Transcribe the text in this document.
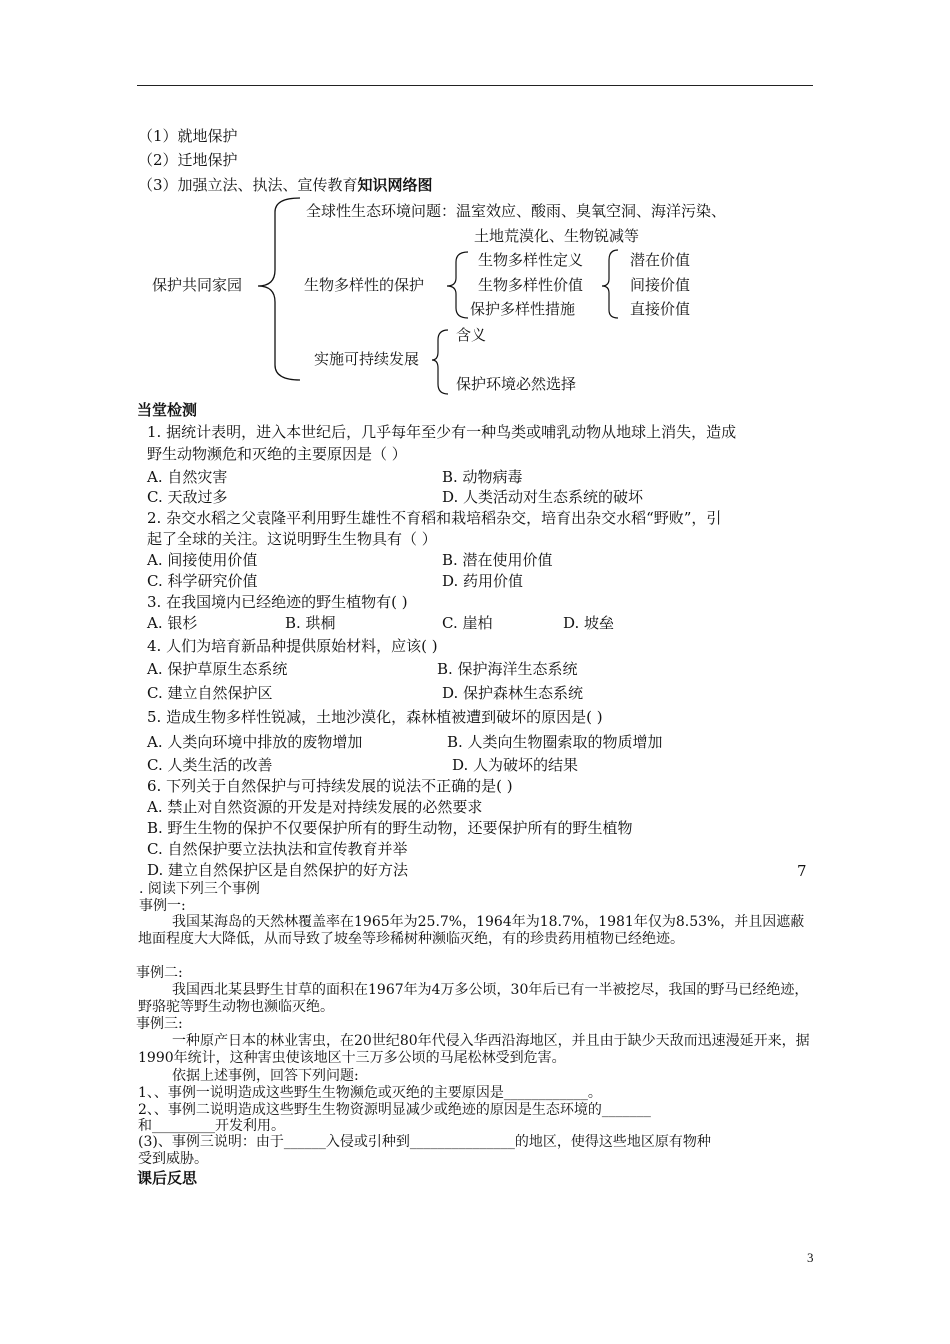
（1）就地保护
（2）迁地保护
（3）加强立法、执法、宣传教育知识网络图
全球性生态环境问题：温室效应、酸雨、臭氧空洞、海洋污染、
土地荒漠化、生物锐减等
保护共同家园	生物多样性的保护
生物多样性定义
生物多样性价值
保护多样性措施
潜在价值
间接价值
直接价值
实施可持续发展
含义
保护环境必然选择
当堂检测
1. 据统计表明，进入本世纪后，几乎每年至少有一种鸟类或哺乳动物从地球上消失，造成
野生动物濒危和灭绝的主要原因是（ ）
A. 自然灾害	B. 动物病毒
C. 天敌过多	D. 人类活动对生态系统的破坏
2. 杂交水稻之父袁隆平利用野生雄性不育稻和栽培稻杂交，培育出杂交水稻“野败”，引
起了全球的关注。这说明野生生物具有（ ）
A. 间接使用价值	B. 潜在使用价值
C. 科学研究价值	D. 药用价值
3. 在我国境内已经绝迹的野生植物有( )
A. 银杉	B. 珙桐	C. 崖柏	D. 坡垒
4. 人们为培育新品种提供原始材料，应该( )
A. 保护草原生态系统	B. 保护海洋生态系统
C. 建立自然保护区	D. 保护森林生态系统
5. 造成生物多样性锐减，土地沙漠化，森林植被遭到破坏的原因是( )
A. 人类向环境中排放的废物增加	B. 人类向生物圈索取的物质增加
C. 人类生活的改善	D. 人为破坏的结果
6. 下列关于自然保护与可持续发展的说法不正确的是( )
A. 禁止对自然资源的开发是对持续发展的必然要求
B. 野生生物的保护不仅要保护所有的野生动物，还要保护所有的野生植物
C. 自然保护要立法执法和宣传教育并举
D. 建立自然保护区是自然保护的好方法	7
. 阅读下列三个事例
事例一:
我国某海岛的天然林覆盖率在1965年为25.7%，1964年为18.7%，1981年仅为8.53%，并且因遮蔽地面程度大大降低，从而导致了坡垒等珍稀树种濒临灭绝，有的珍贵药用植物已经绝迹。
事例二:
我国西北某县野生甘草的面积在1967年为4万多公顷，30年后已有一半被挖尽，我国的野马已经绝迹，野骆驼等野生动物也濒临灭绝。
事例三:
一种原产日本的林业害虫，在20世纪80年代侵入华西沿海地区，并且由于缺少天敌而迅速漫延开来，据1990年统计，这种害虫使该地区十三万多公顷的马尾松林受到危害。
依据上述事例，回答下列问题:
1、、事例一说明造成这些野生生物濒危或灭绝的主要原因是____________。
2、、事例二说明造成这些野生生物资源明显减少或绝迹的原因是生态环境的_______
和_________开发利用。
(3)、事例三说明：由于______入侵或引种到_______________的地区，使得这些地区原有物种
受到威胁。
课后反思
3
